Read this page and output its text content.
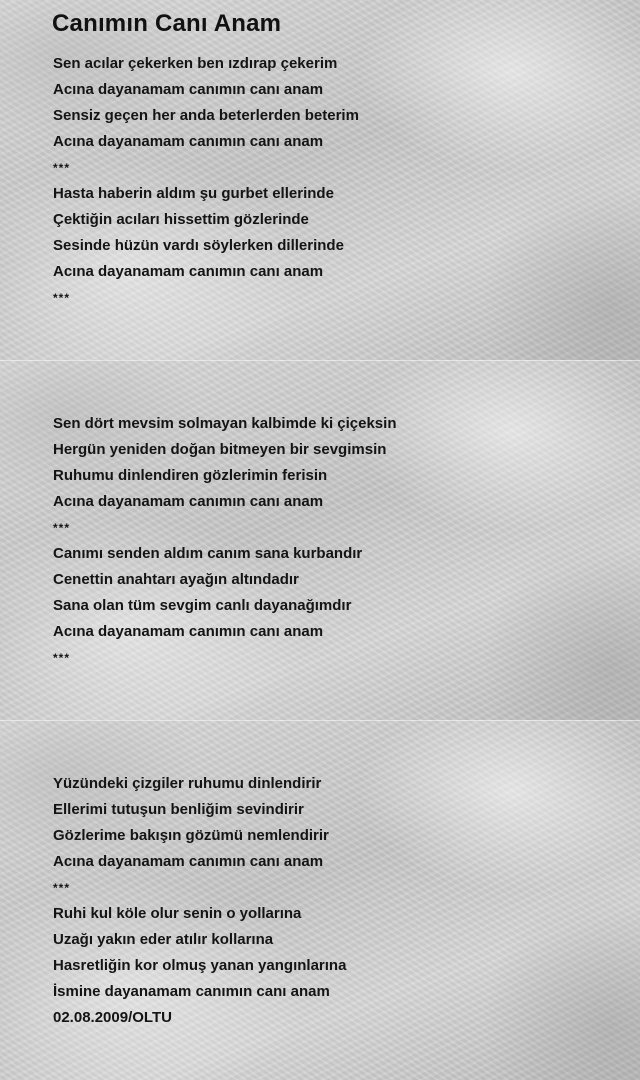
Canımın Canı Anam
Sen acılar çekerken ben ızdırap çekerim
Acına dayanamam canımın canı anam
Sensiz geçen her anda beterlerden beterim
Acına dayanamam canımın canı anam
***
Hasta haberin aldım şu gurbet ellerinde
Çektiğin acıları hissettim gözlerinde
Sesinde hüzün vardı söylerken dillerinde
Acına dayanamam canımın canı anam
***
Sen dört mevsim solmayan kalbimde ki çiçeksin
Hergün yeniden doğan bitmeyen bir sevgimsin
Ruhumu dinlendiren gözlerimin ferisin
Acına dayanamam canımın canı anam
***
Canımı senden aldım canım sana kurbandır
Cenettin anahtarı ayağın altındadır
Sana olan tüm sevgim canlı dayanağımdır
Acına dayanamam canımın canı anam
***
Yüzündeki çizgiler ruhumu dinlendirir
Ellerimi tutuşun benliğim sevindirir
Gözlerime bakışın gözümü nemlendirir
Acına dayanamam canımın canı anam
***
Ruhi kul köle olur senin o yollarına
Uzağı yakın eder atılır kollarına
Hasretliğin kor olmuş yanan yangınlarına
İsmine dayanamam canımın canı anam
02.08.2009/OLTU
